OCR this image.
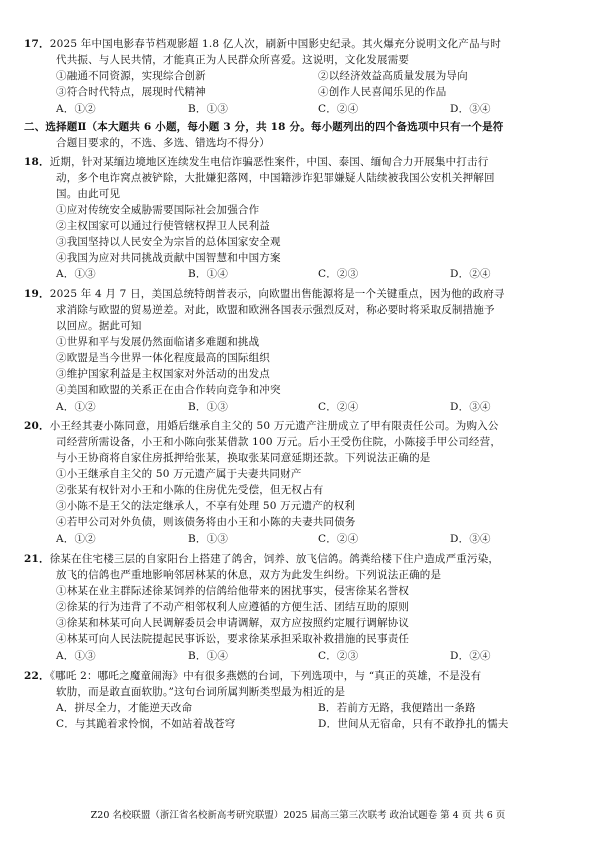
17．2025 年中国电影春节档观影超 1.8 亿人次，刷新中国影史纪录。其火爆充分说明文化产品与时
代共振、与人民共情，才能真正为人民群众所喜爱。这说明，文化发展需要
①融通不同资源，实现综合创新	②以经济效益高质量发展为导向
③符合时代特点，展现时代精神	④创作人民喜闻乐见的作品
A．①②	B．①③	C．②④	D．③④
二、选择题Ⅱ（本大题共 6 小题，每小题 3 分，共 18 分。每小题列出的四个备选项中只有一个是符
合题目要求的，不选、多选、错选均不得分）
18．近期，针对某缅边境地区连续发生电信诈骗恶性案件，中国、泰国、缅甸合力开展集中打击行
动，多个电诈窝点被铲除，大批嫌犯落网，中国籍涉诈犯罪嫌疑人陆续被我国公安机关押解回
国。由此可见
①应对传统安全威胁需要国际社会加强合作
②主权国家可以通过行使管辖权捍卫人民利益
③我国坚持以人民安全为宗旨的总体国家安全观
④我国为应对共同挑战贡献中国智慧和中国方案
A．①③	B．①④	C．②③	D．②④
19．2025 年 4 月 7 日，美国总统特朗普表示，向欧盟出售能源将是一个关键重点，因为他的政府寻
求消除与欧盟的贸易逆差。对此，欧盟和欧洲各国表示强烈反对，称必要时将采取反制措施予
以回应。据此可知
①世界和平与发展仍然面临诸多难题和挑战
②欧盟是当今世界一体化程度最高的国际组织
③维护国家利益是主权国家对外活动的出发点
④美国和欧盟的关系正在由合作转向竞争和冲突
A．①②	B．①③	C．②④	D．③④
20．小王经其妻小陈同意，用婚后继承自主父的 50 万元遗产注册成立了甲有限责任公司。为购入公
司经营所需设备，小王和小陈向张某借款 100 万元。后小王受伤住院，小陈接手甲公司经营，
与小王协商将自家住房抵押给张某，换取张某同意延期还款。下列说法正确的是
①小王继承自主父的 50 万元遗产属于夫妻共同财产
②张某有权针对小王和小陈的住房优先受偿，但无权占有
③小陈不是王父的法定继承人，不享有处理 50 万元遗产的权利
④若甲公司对外负债，则该债务将由小王和小陈的夫妻共同债务
A．①②	B．①③	C．②④	D．③④
21．徐某在住宅楼三层的自家阳台上搭建了鸽舍，饲养、放飞信鸽。鸽粪给楼下住户造成严重污染，
放飞的信鸽也严重地影响邻居林某的休息，双方为此发生纠纷。下列说法正确的是
①林某在业主群际述徐某饲养的信鸽给他带来的困扰事实，侵害徐某名誉权
②徐某的行为违背了不动产相邻权利人应遵循的方便生活、团结互助的原则
③徐某和林某可向人民调解委员会申请调解，双方应按照约定履行调解协议
④林某可向人民法院提起民事诉讼，要求徐某承担采取补救措施的民事责任
A．①③	B．①④	C．②③	D．②④
22．《哪吒 2：哪吒之魔童闹海》中有很多燕燃的台词，下列选项中，与 “真正的英雄，不是没有
软肋，而是敢直面软肋。”这句台词所属判断类型最为相近的是
A．拼尽全力，才能逆天改命	B．若前方无路，我便踏出一条路
C．与其跪着求怜悯，不如站着战苍穹	D．世间从无宿命，只有不敢挣扎的懦夫
Z20 名校联盟（浙江省名校新高考研究联盟）2025 届高三第三次联考 政治试题卷 第 4 页 共 6 页
